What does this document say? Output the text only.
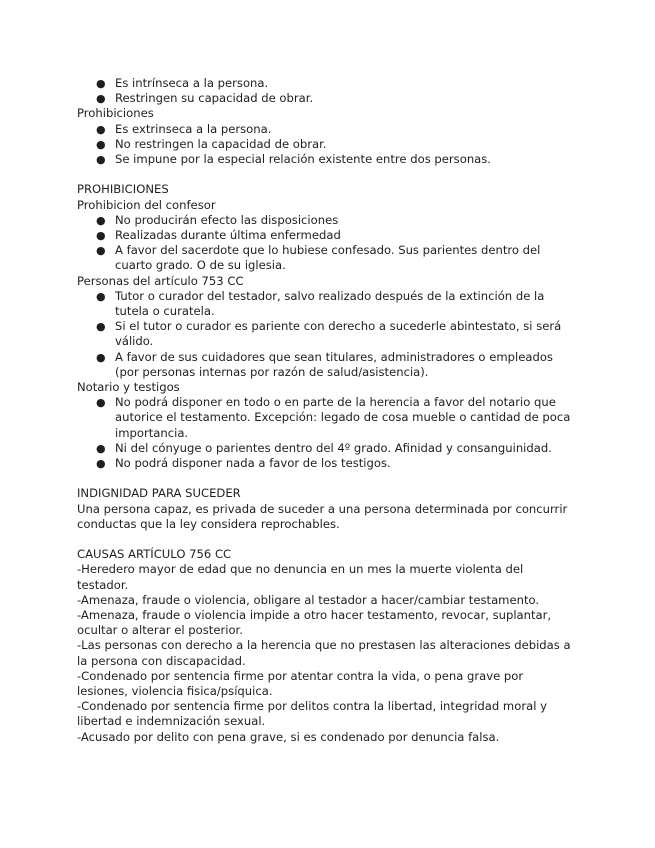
● Es intrínseca a la persona.
● Restringen su capacidad de obrar.
Prohibiciones
● Es extrinseca a la persona.
● No restringen la capacidad de obrar.
● Se impune por la especial relación existente entre dos personas.
PROHIBICIONES
Prohibicion del confesor
● No producirán efecto las disposiciones
● Realizadas durante última enfermedad
● A favor del sacerdote que lo hubiese confesado. Sus parientes dentro del cuarto grado. O de su iglesia.
Personas del artículo 753 CC
● Tutor o curador del testador, salvo realizado después de la extinción de la tutela o curatela.
● Si el tutor o curador es pariente con derecho a sucederle abintestato, si será válido.
● A favor de sus cuidadores que sean titulares, administradores o empleados (por personas internas por razón de salud/asistencia).
Notario y testigos
● No podrá disponer en todo o en parte de la herencia a favor del notario que autorice el testamento. Excepción: legado de cosa mueble o cantidad de poca importancia.
● Ni del cónyuge o parientes dentro del 4º grado. Afinidad y consanguinidad.
● No podrá disponer nada a favor de los testigos.
INDIGNIDAD PARA SUCEDER
Una persona capaz, es privada de suceder a una persona determinada por concurrir conductas que la ley considera reprochables.
CAUSAS ARTÍCULO 756 CC
-Heredero mayor de edad que no denuncia en un mes la muerte violenta del testador.
-Amenaza, fraude o violencia, obligare al testador a hacer/cambiar testamento.
-Amenaza, fraude o violencia impide a otro hacer testamento, revocar, suplantar, ocultar o alterar el posterior.
-Las personas con derecho a la herencia que no prestasen las alteraciones debidas a la persona con discapacidad.
-Condenado por sentencia firme por atentar contra la vida, o pena grave por lesiones, violencia fisica/psíquica.
-Condenado por sentencia firme por delitos contra la libertad, integridad moral y libertad e indemnización sexual.
-Acusado por delito con pena grave, si es condenado por denuncia falsa.
